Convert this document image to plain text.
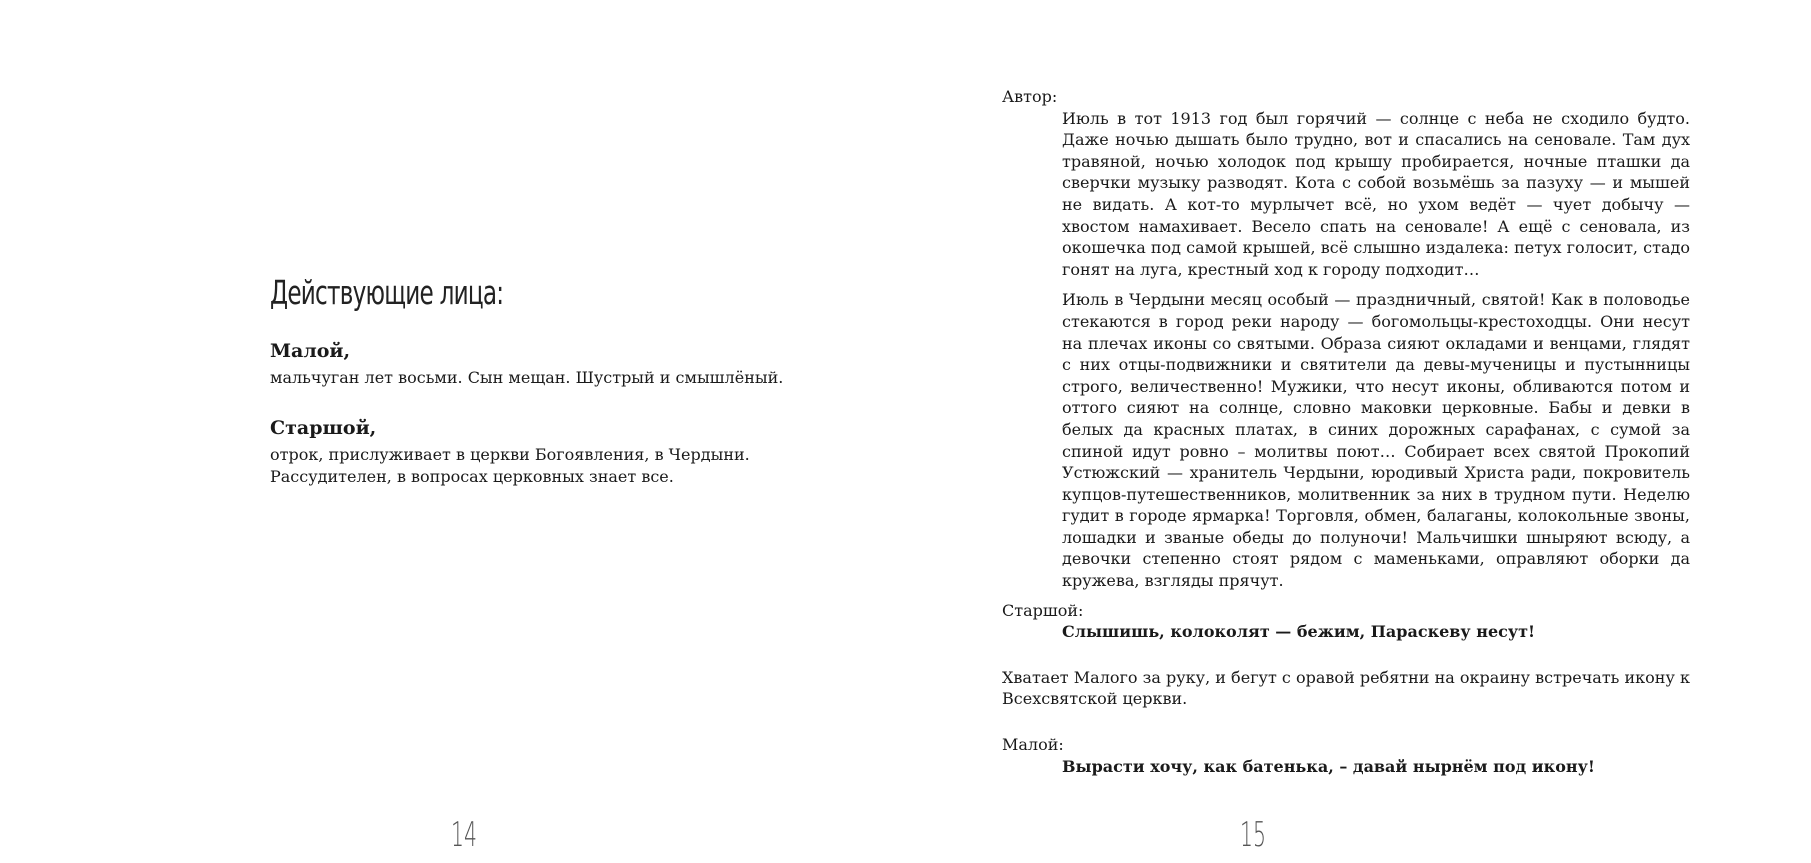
Действующие лица:
Малой,
мальчуган лет восьми. Сын мещан. Шустрый и смышлёный.
Старшой,
отрок, прислуживает в церкви Богоявления, в Чердыни.
Рассудителен, в вопросах церковных знает все.
14
Автор:

Июль в тот 1913 год был горячий — солнце с неба не сходило будто. Даже ночью дышать было трудно, вот и спасались на сеновале. Там дух травяной, ночью холодок под крышу пробирается, ночные пташки да сверчки музыку разводят. Кота с собой возьмёшь за пазуху — и мышей не видать. А кот-то мурлычет всё, но ухом ведёт — чует добычу — хвостом намахивает. Весело спать на сеновале! А ещё с сеновала, из окошечка под самой крышей, всё слышно издалека: петух голосит, стадо гонят на луга, крестный ход к городу подходит…

Июль в Чердыни месяц особый — праздничный, святой! Как в половодье стекаются в город реки народу — богомольцы-крестоходцы. Они несут на плечах иконы со святыми. Образа сияют окладами и венцами, глядят с них отцы-подвижники и святители да девы-мученицы и пустынницы строго, величественно! Мужики, что несут иконы, обливаются потом и оттого сияют на солнце, словно маковки церковные. Бабы и девки в белых да красных платах, в синих дорожных сарафанах, с сумой за спиной идут ровно – молитвы поют… Собирает всех святой Прокопий Устюжский — хранитель Чердыни, юродивый Христа ради, покровитель купцов-путешественников, молитвенник за них в трудном пути. Неделю гудит в городе ярмарка! Торговля, обмен, балаганы, колокольные звоны, лошадки и званые обеды до полуночи! Мальчишки шныряют всюду, а девочки степенно стоят рядом с маменьками, оправляют оборки да кружева, взгляды прячут.

Старшой:

Слышишь, колоколят — бежим, Параскеву несут!

Хватает Малого за руку, и бегут с оравой ребятни на окраину встречать икону к Всехсвятской церкви.

Малой:

Вырасти хочу, как батенька, – давай нырнём под икону!

15
